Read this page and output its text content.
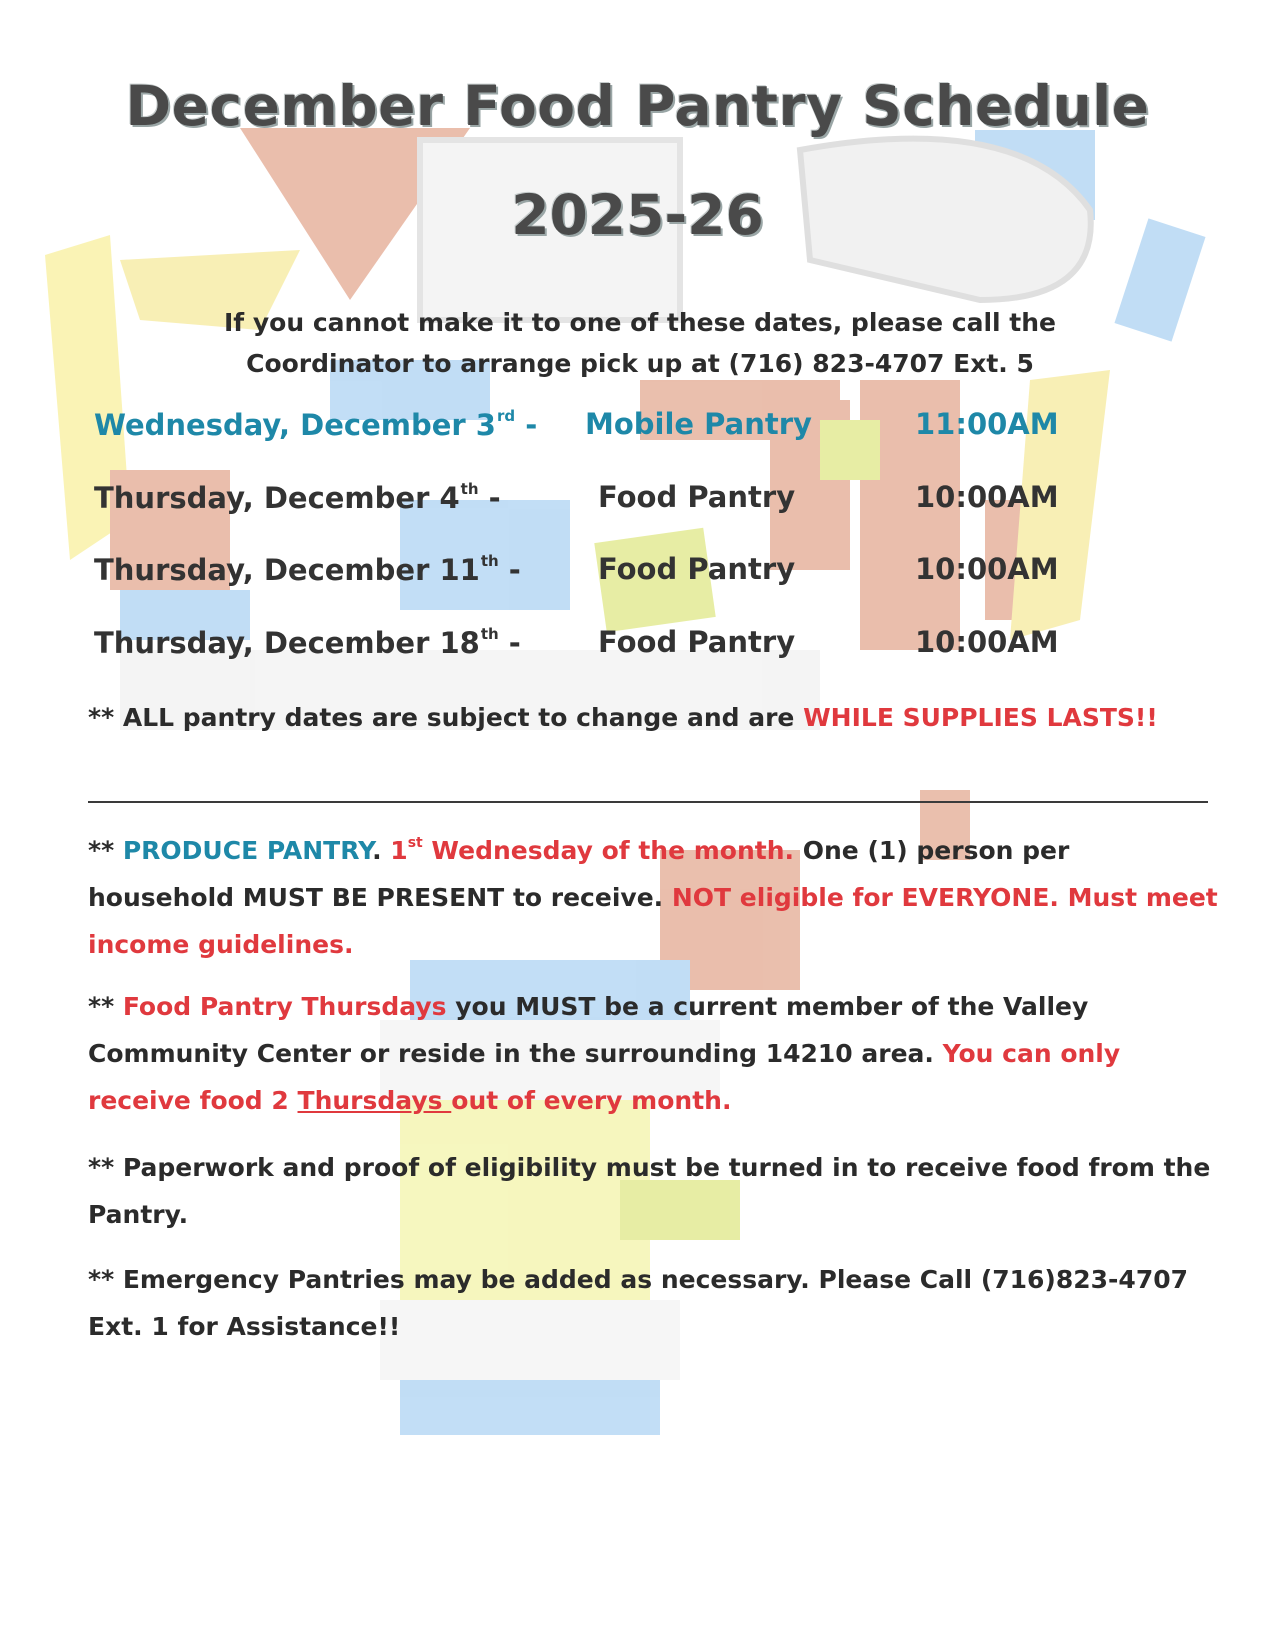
December Food Pantry Schedule
2025-26
If you cannot make it to one of these dates, please call the
Coordinator to arrange pick up at (716) 823-4707 Ext. 5
Wednesday, December 3rd - Mobile Pantry	11:00AM
Thursday, December 4th -	Food Pantry	10:00AM
Thursday, December 11th -	Food Pantry	10:00AM
Thursday, December 18th -	Food Pantry	10:00AM
** ALL pantry dates are subject to change and are WHILE SUPPLIES LASTS!!
** PRODUCE PANTRY. 1st Wednesday of the month. One (1) person per household MUST BE PRESENT to receive. NOT eligible for EVERYONE. Must meet income guidelines.
** Food Pantry Thursdays you MUST be a current member of the Valley Community Center or reside in the surrounding 14210 area. You can only receive food 2 Thursdays out of every month.
** Paperwork and proof of eligibility must be turned in to receive food from the Pantry.
** Emergency Pantries may be added as necessary. Please Call (716)823-4707 Ext. 1 for Assistance!!
